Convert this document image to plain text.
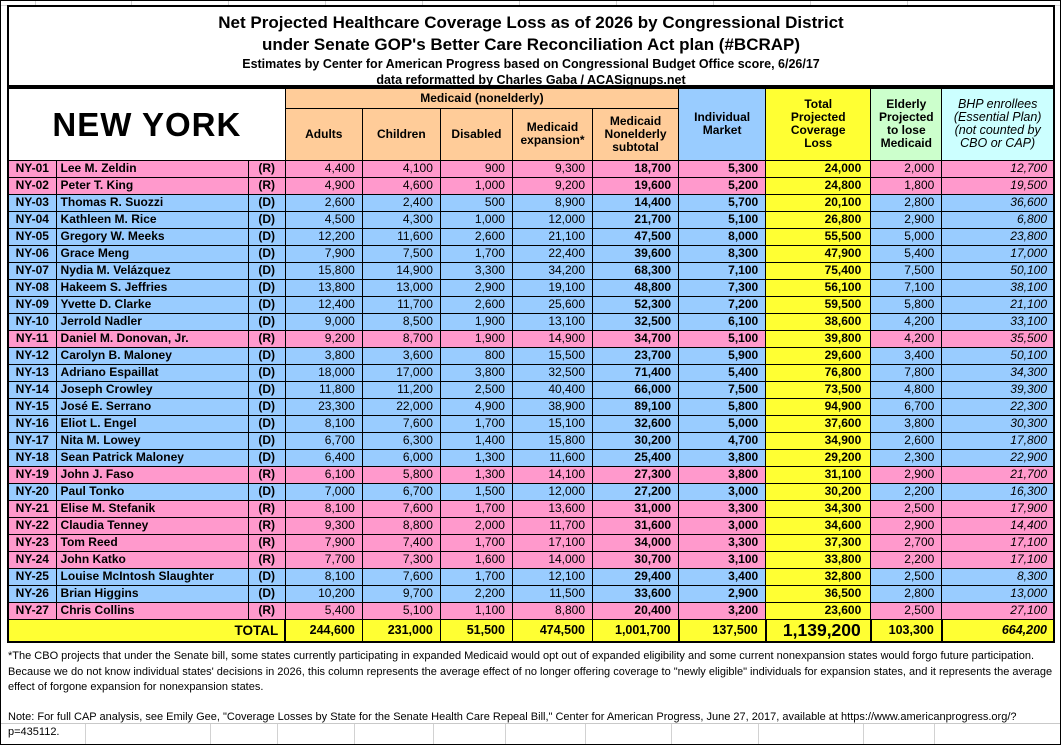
Net Projected Healthcare Coverage Loss as of 2026 by Congressional District
under Senate GOP's Better Care Reconciliation Act plan (#BCRAP)
Estimates by Center for American Progress based on Congressional Budget Office score, 6/26/17
data reformatted by Charles Gaba / ACASignups.net
NEW YORK			Medicaid (nonelderly)					Individual Market	Total Projected Coverage Loss	Elderly Projected to lose Medicaid	BHP enrollees (Essential Plan) (not counted by CBO or CAP)
			Adults	Children	Disabled	Medicaid expansion*	Medicaid Nonelderly subtotal				
NY-01	Lee M. Zeldin	(R)	4,400	4,100	900	9,300	18,700	5,300	24,000	2,000	12,700
NY-02	Peter T. King	(R)	4,900	4,600	1,000	9,200	19,600	5,200	24,800	1,800	19,500
NY-03	Thomas R. Suozzi	(D)	2,600	2,400	500	8,900	14,400	5,700	20,100	2,800	36,600
NY-04	Kathleen M. Rice	(D)	4,500	4,300	1,000	12,000	21,700	5,100	26,800	2,900	6,800
NY-05	Gregory W. Meeks	(D)	12,200	11,600	2,600	21,100	47,500	8,000	55,500	5,000	23,800
NY-06	Grace Meng	(D)	7,900	7,500	1,700	22,400	39,600	8,300	47,900	5,400	17,000
NY-07	Nydia M. Velázquez	(D)	15,800	14,900	3,300	34,200	68,300	7,100	75,400	7,500	50,100
NY-08	Hakeem S. Jeffries	(D)	13,800	13,000	2,900	19,100	48,800	7,300	56,100	7,100	38,100
NY-09	Yvette D. Clarke	(D)	12,400	11,700	2,600	25,600	52,300	7,200	59,500	5,800	21,100
NY-10	Jerrold Nadler	(D)	9,000	8,500	1,900	13,100	32,500	6,100	38,600	4,200	33,100
NY-11	Daniel M. Donovan, Jr.	(R)	9,200	8,700	1,900	14,900	34,700	5,100	39,800	4,200	35,500
NY-12	Carolyn B. Maloney	(D)	3,800	3,600	800	15,500	23,700	5,900	29,600	3,400	50,100
NY-13	Adriano Espaillat	(D)	18,000	17,000	3,800	32,500	71,400	5,400	76,800	7,800	34,300
NY-14	Joseph Crowley	(D)	11,800	11,200	2,500	40,400	66,000	7,500	73,500	4,800	39,300
NY-15	José E. Serrano	(D)	23,300	22,000	4,900	38,900	89,100	5,800	94,900	6,700	22,300
NY-16	Eliot L. Engel	(D)	8,100	7,600	1,700	15,100	32,600	5,000	37,600	3,800	30,300
NY-17	Nita M. Lowey	(D)	6,700	6,300	1,400	15,800	30,200	4,700	34,900	2,600	17,800
NY-18	Sean Patrick Maloney	(D)	6,400	6,000	1,300	11,600	25,400	3,800	29,200	2,300	22,900
NY-19	John J. Faso	(R)	6,100	5,800	1,300	14,100	27,300	3,800	31,100	2,900	21,700
NY-20	Paul Tonko	(D)	7,000	6,700	1,500	12,000	27,200	3,000	30,200	2,200	16,300
NY-21	Elise M. Stefanik	(R)	8,100	7,600	1,700	13,600	31,000	3,300	34,300	2,500	17,900
NY-22	Claudia Tenney	(R)	9,300	8,800	2,000	11,700	31,600	3,000	34,600	2,900	14,400
NY-23	Tom Reed	(R)	7,900	7,400	1,700	17,100	34,000	3,300	37,300	2,700	17,100
NY-24	John Katko	(R)	7,700	7,300	1,600	14,000	30,700	3,100	33,800	2,200	17,100
NY-25	Louise McIntosh Slaughter	(D)	8,100	7,600	1,700	12,100	29,400	3,400	32,800	2,500	8,300
NY-26	Brian Higgins	(D)	10,200	9,700	2,200	11,500	33,600	2,900	36,500	2,800	13,000
NY-27	Chris Collins	(R)	5,400	5,100	1,100	8,800	20,400	3,200	23,600	2,500	27,100
TOTAL			244,600	231,000	51,500	474,500	1,001,700	137,500	1,139,200	103,300	664,200

*The CBO projects that under the Senate bill, some states currently participating in expanded Medicaid would opt out of expanded eligibility and some current nonexpansion states would forgo future participation. Because we do not know individual states' decisions in 2026, this column represents the average effect of no longer offering coverage to "newly eligible" individuals for expansion states, and it represents the average effect of forgone expansion for nonexpansion states.

Note: For full CAP analysis, see Emily Gee, "Coverage Losses by State for the Senate Health Care Repeal Bill," Center for American Progress, June 27, 2017, available at https://www.americanprogress.org/?p=435112.
